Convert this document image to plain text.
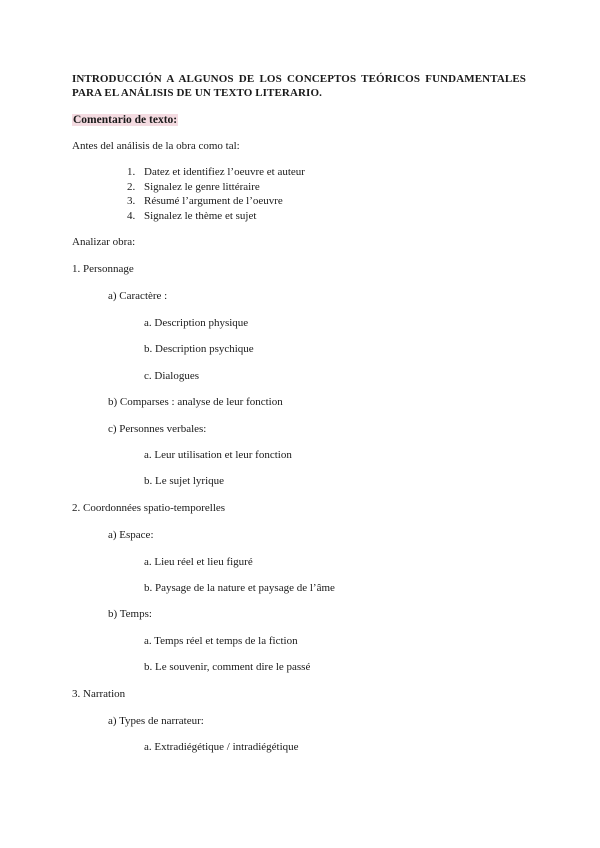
INTRODUCCIÓN A ALGUNOS DE LOS CONCEPTOS TEÓRICOS FUNDAMENTALES PARA EL ANÁLISIS DE UN TEXTO LITERARIO.
Comentario de texto:
Antes del análisis de la obra como tal:
1. Datez et identifiez l’oeuvre et auteur
2. Signalez le genre littéraire
3. Résumé l’argument de l’oeuvre
4. Signalez le thème et sujet
Analizar obra:
1. Personnage
a) Caractère :
a. Description physique
b. Description psychique
c. Dialogues
b) Comparses : analyse de leur fonction
c) Personnes verbales:
a. Leur utilisation et leur fonction
b. Le sujet lyrique
2. Coordonnées spatio-temporelles
a) Espace:
a. Lieu réel et lieu figuré
b. Paysage de la nature et paysage de l’âme
b) Temps:
a. Temps réel et temps de la fiction
b. Le souvenir, comment dire le passé
3. Narration
a) Types de narrateur:
a. Extradiégétique / intradiégétique
